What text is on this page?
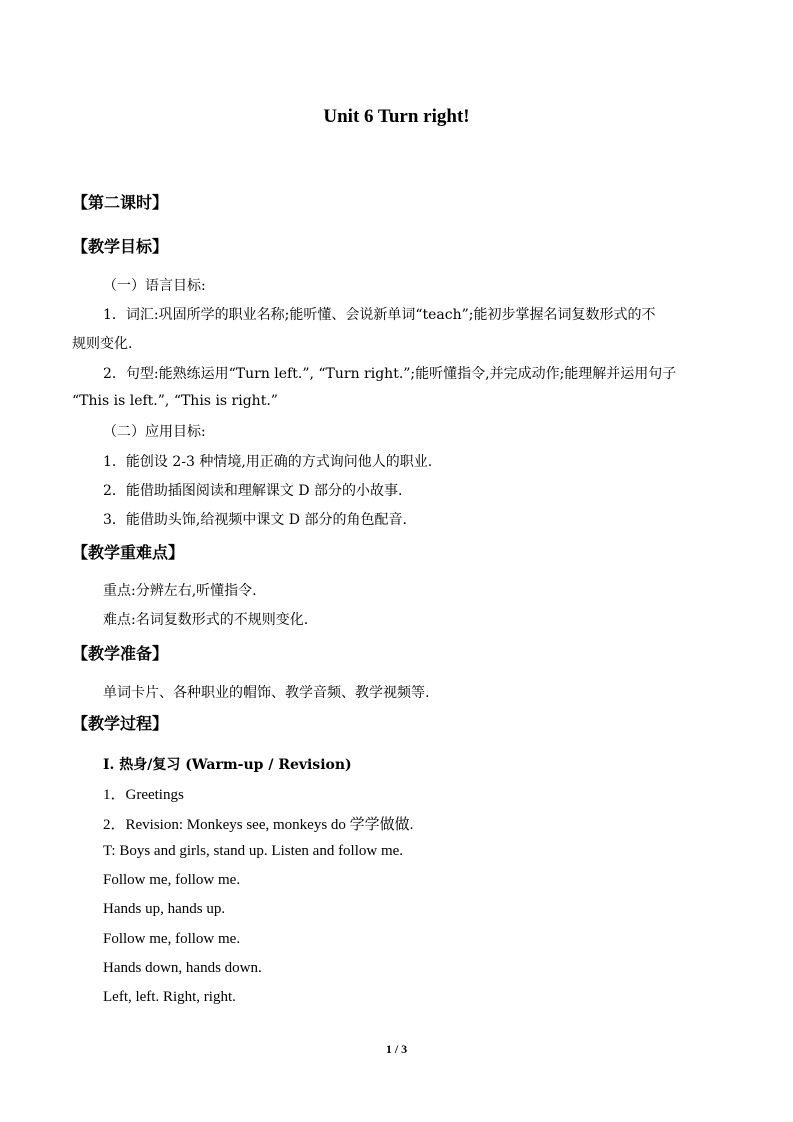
Unit 6 Turn right!
【第二课时】
【教学目标】
（一）语言目标:
1．词汇:巩固所学的职业名称;能听懂、会说新单词“teach”;能初步掌握名词复数形式的不
规则变化.
2．句型:能熟练运用“Turn left.”, “Turn right.”;能听懂指令,并完成动作;能理解并运用句子
“This is left.”, “This is right.”
（二）应用目标:
1．能创设 2-3 种情境,用正确的方式询问他人的职业.
2．能借助插图阅读和理解课文 D 部分的小故事.
3．能借助头饰,给视频中课文 D 部分的角色配音.
【教学重难点】
重点:分辨左右,听懂指令.
难点:名词复数形式的不规则变化.
【教学准备】
单词卡片、各种职业的帽饰、教学音频、教学视频等.
【教学过程】
I. 热身/复习 (Warm-up / Revision)
1．Greetings
2．Revision: Monkeys see, monkeys do 学学做做.
T: Boys and girls, stand up. Listen and follow me.
Follow me, follow me.
Hands up, hands up.
Follow me, follow me.
Hands down, hands down.
Left, left. Right, right.
1 / 3
